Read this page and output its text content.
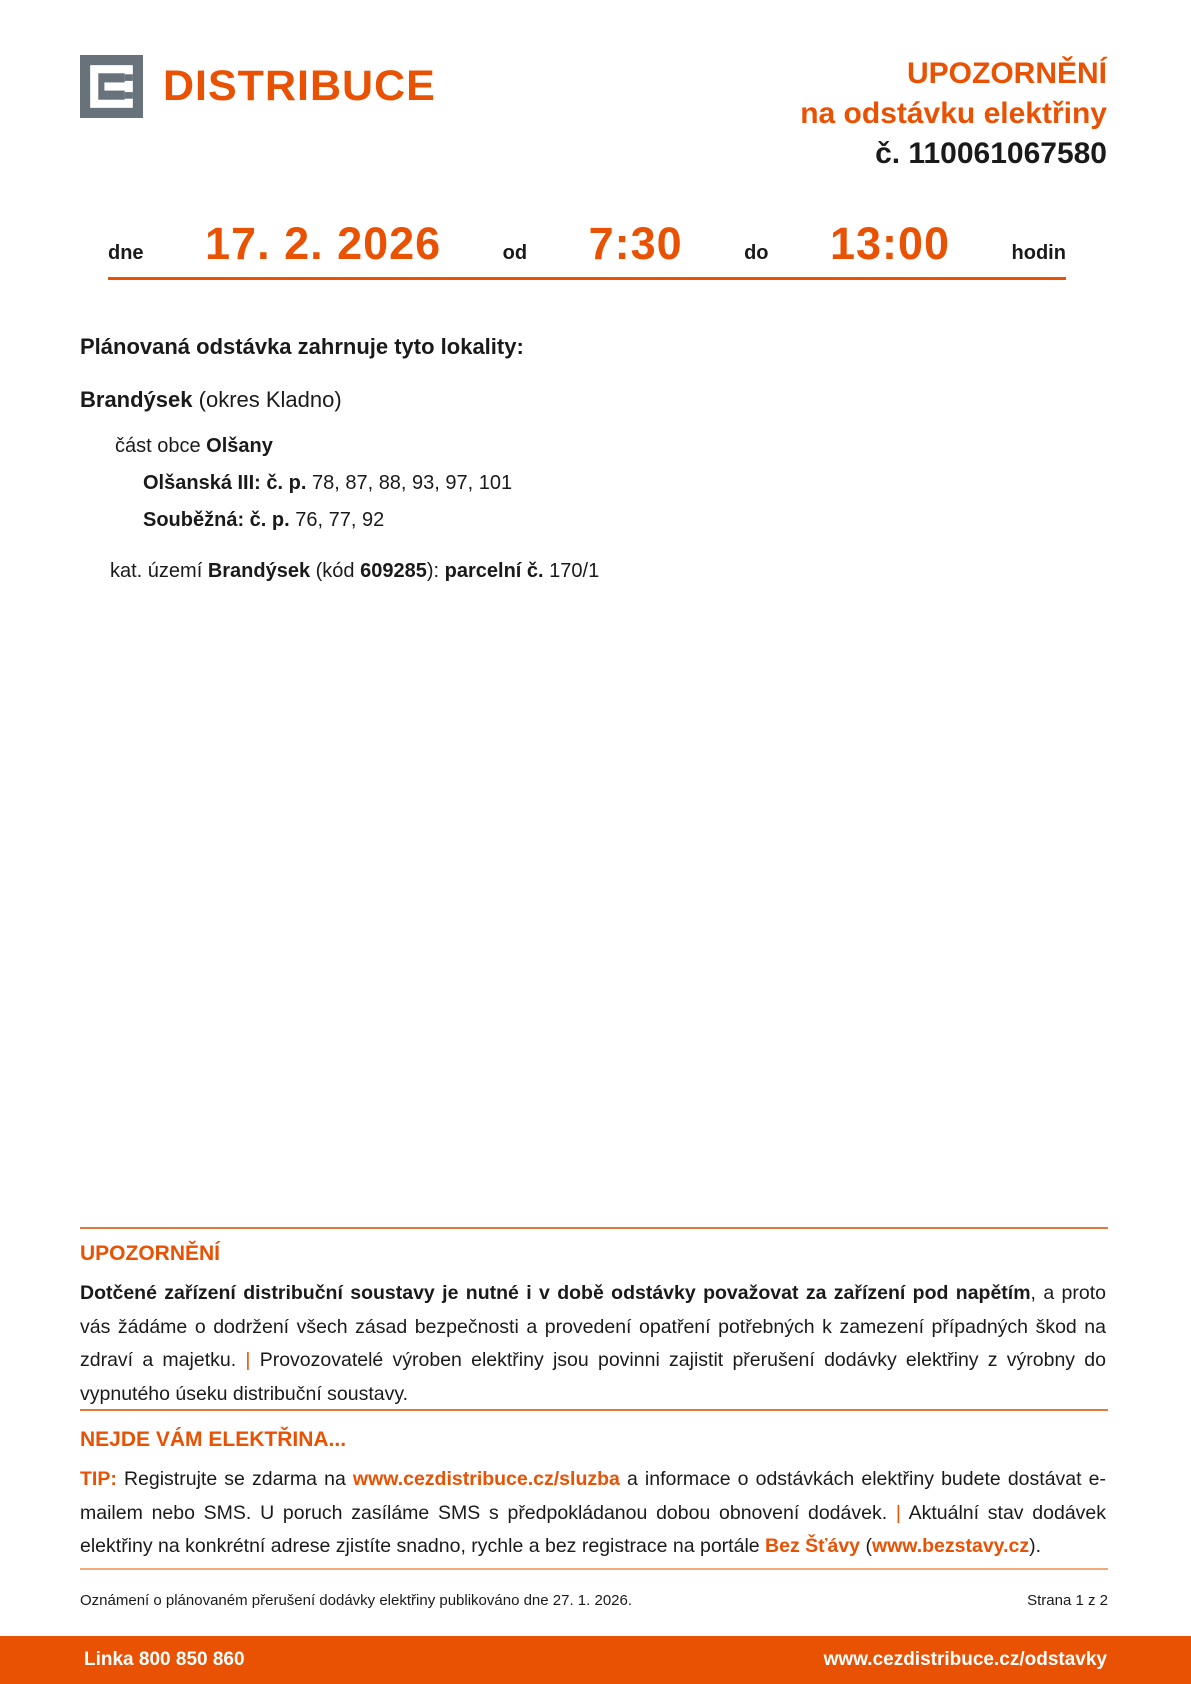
DISTRIBUCE	UPOZORNĚNÍ
na odstávku elektřiny
č. 110061067580
dne 17. 2. 2026	od 7:30	do 13:00	hodin

Plánovaná odstávka zahrnuje tyto lokality:

Brandýsek (okres Kladno)

část obce Olšany

Olšanská III: č. p. 78, 87, 88, 93, 97, 101

Souběžná: č. p. 76, 77, 92

kat. území Brandýsek (kód 609285): parcelní č. 170/1

UPOZORNĚNÍ

Dotčené zařízení distribuční soustavy je nutné i v době odstávky považovat za zařízení pod napětím, a proto vás žádáme o dodržení všech zásad bezpečnosti a provedení opatření potřebných k zamezení případných škod na zdraví a majetku. | Provozovatelé výroben elektřiny jsou povinni zajistit přerušení dodávky elektřiny z výrobny do vypnutého úseku distribuční soustavy.

NEJDE VÁM ELEKTŘINA...

TIP: Registrujte se zdarma na www.cezdistribuce.cz/sluzba a informace o odstávkách elektřiny budete dostávat e-mailem nebo SMS. U poruch zasíláme SMS s předpokládanou dobou obnovení dodávek. | Aktuální stav dodávek elektřiny na konkrétní adrese zjistíte snadno, rychle a bez registrace na portále Bez Šťávy (www.bezstavy.cz).

Oznámení o plánovaném přerušení dodávky elektřiny publikováno dne 27. 1. 2026.	Strana 1 z 2
Linka 800 850 860	www.cezdistribuce.cz/odstavky
